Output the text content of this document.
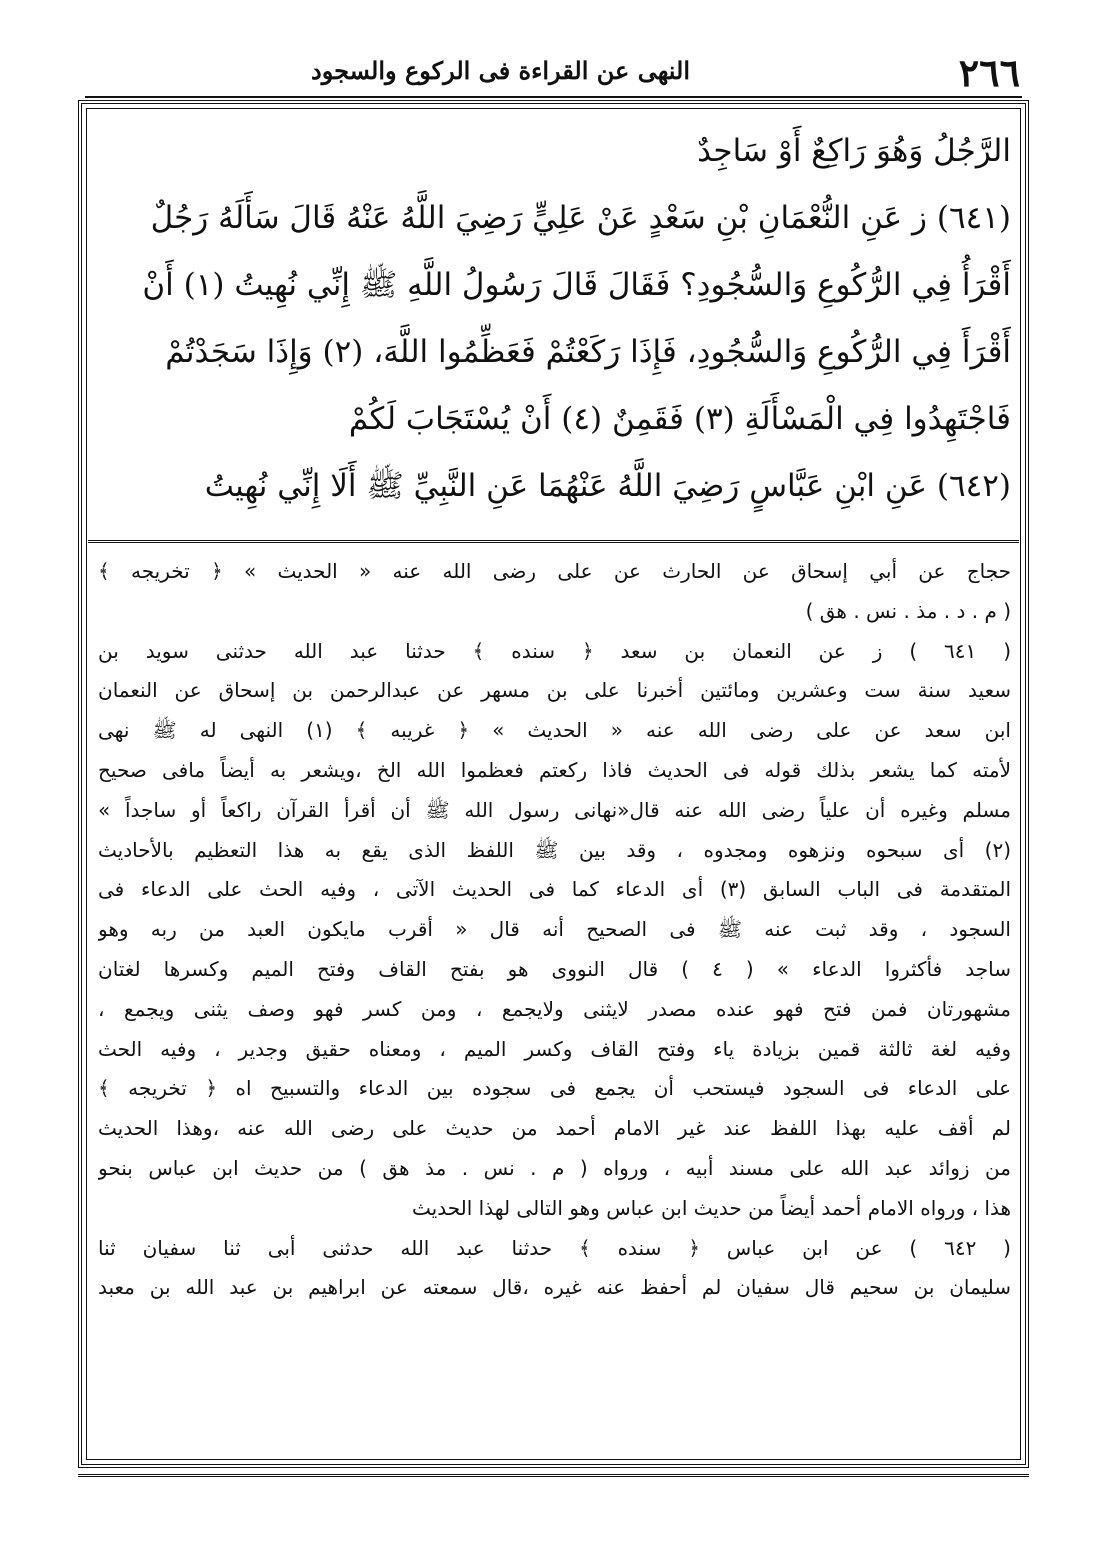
٢٦٦
النهى عن القراءة فى الركوع والسجود
الرَّجُلُ وَهُوَ رَاكِعٌ أَوْ سَاجِدٌ
(٦٤١) ز عَنِ النُّعْمَانِ بْنِ سَعْدٍ عَنْ عَلِيٍّ رَضِيَ اللَّهُ عَنْهُ قَالَ سَأَلَهُ رَجُلٌ
أَقْرَأُ فِي الرُّكُوعِ وَالسُّجُودِ؟ فَقَالَ قَالَ رَسُولُ اللَّهِ ﷺ إِنِّي نُهِيتُ (١) أَنْ
أَقْرَأَ فِي الرُّكُوعِ وَالسُّجُودِ، فَإِذَا رَكَعْتُمْ فَعَظِّمُوا اللَّهَ، (٢) وَإِذَا سَجَدْتُمْ
فَاجْتَهِدُوا فِي الْمَسْأَلَةِ (٣) فَقَمِنٌ (٤) أَنْ يُسْتَجَابَ لَكُمْ
(٦٤٢) عَنِ ابْنِ عَبَّاسٍ رَضِيَ اللَّهُ عَنْهُمَا عَنِ النَّبِيِّ ﷺ أَلَا إِنِّي نُهِيتُ
حجاج عن أبي إسحاق عن الحارث عن على رضى الله عنه « الحديث » ﴿ تخريجه ﴾
( م . د . مذ . نس . هق )
( ٦٤١ ) ز عن النعمان بن سعد ﴿ سنده ﴾ حدثنا عبد الله حدثنى سويد بن
سعيد سنة ست وعشرين ومائتين أخبرنا على بن مسهر عن عبدالرحمن بن إسحاق عن النعمان
ابن سعد عن على رضى الله عنه « الحديث » ﴿ غريبه ﴾ (١) النهى له ﷺ نهى
لأمته كما يشعر بذلك قوله فى الحديث فاذا ركعتم فعظموا الله الخ ،ويشعر به أيضاً مافى صحيح
مسلم وغيره أن علياً رضى الله عنه قال«نهانى رسول الله ﷺ أن أقرأ القرآن راكعاً أو ساجداً »
(٢) أى سبحوه ونزهوه ومجدوه ، وقد بين ﷺ اللفظ الذى يقع به هذا التعظيم بالأحاديث
المتقدمة فى الباب السابق (٣) أى الدعاء كما فى الحديث الآتى ، وفيه الحث على الدعاء فى
السجود ، وقد ثبت عنه ﷺ فى الصحيح أنه قال « أقرب مايكون العبد من ربه وهو
ساجد فأكثروا الدعاء » ( ٤ ) قال النووى هو بفتح القاف وفتح الميم وكسرها لغتان
مشهورتان فمن فتح فهو عنده مصدر لايثنى ولايجمع ، ومن كسر فهو وصف يثنى ويجمع ،
وفيه لغة ثالثة قمين بزيادة ياء وفتح القاف وكسر الميم ، ومعناه حقيق وجدير ، وفيه الحث
على الدعاء فى السجود فيستحب أن يجمع فى سجوده بين الدعاء والتسبيح اه ﴿ تخريجه ﴾
لم أقف عليه بهذا اللفظ عند غير الامام أحمد من حديث على رضى الله عنه ،وهذا الحديث
من زوائد عبد الله على مسند أبيه ، ورواه ( م . نس . مذ هق ) من حديث ابن عباس بنحو
هذا ، ورواه الامام أحمد أيضاً من حديث ابن عباس وهو التالى لهذا الحديث
( ٦٤٢ ) عن ابن عباس ﴿ سنده ﴾ حدثنا عبد الله حدثنى أبى ثنا سفيان ثنا
سليمان بن سحيم قال سفيان لم أحفظ عنه غيره ،قال سمعته عن ابراهيم بن عبد الله بن معبد
